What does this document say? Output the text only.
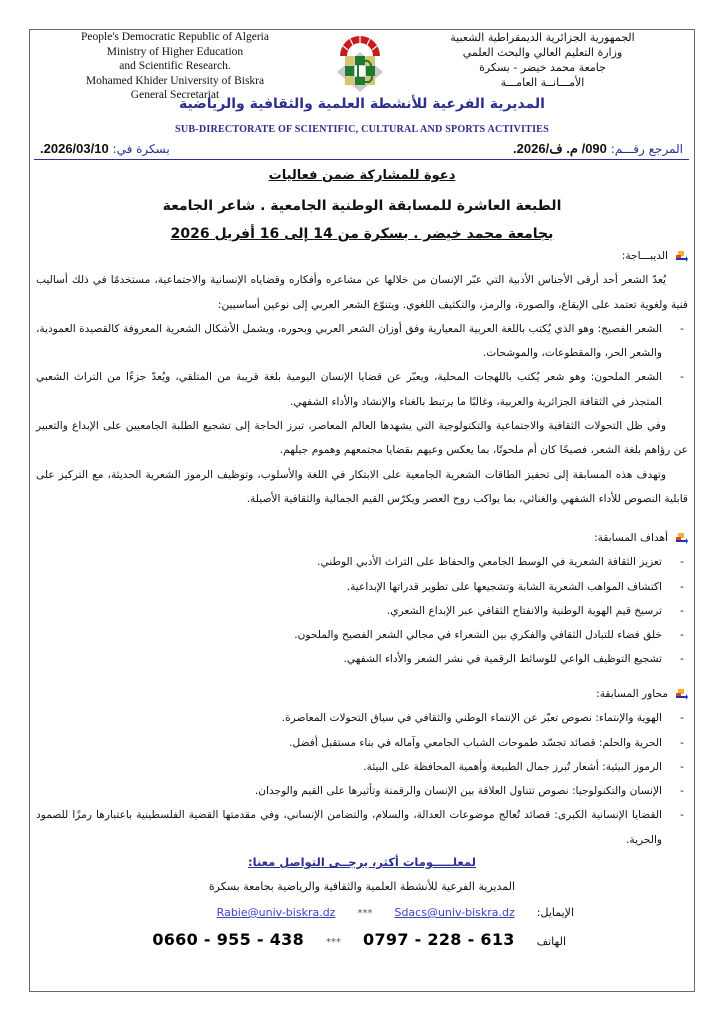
People's Democratic Republic of Algeria
Ministry of Higher Education
and Scientific Research.
Mohamed Khider University of Biskra
General Secretariat
الجمهورية الجزائرية الديمقراطية الشعبية
وزارة التعليم العالي والبحث العلمي
جامعة محمد خيضر - بسكرة
الأمـــانــة العامـــة
المديرية الفرعية للأنشطة العلمية والثقافية والرياضية
SUB-DIRECTORATE OF SCIENTIFIC, CULTURAL AND SPORTS ACTIVITIES
المرجع رقـــم: 090/ م. ف/2026.
بسكرة في: 2026/03/10.
دعوة للمشاركة ضمن فعاليات
الطبعة العاشرة للمسابقة الوطنية الجامعية . شاعر الجامعة
بجامعة محمد خيضر . بسكرة من 14 إلى 16 أفريل 2026
الديبـــاجة:

يُعدّ الشعر أحد أرقى الأجناس الأدبية التي عبّر الإنسان من خلالها عن مشاعره وأفكاره وقضاياه الإنسانية والاجتماعية، مستخدمًا في ذلك أساليب فنية ولغوية تعتمد على الإيقاع، والصورة، والرمز، والتكثيف اللغوي. ويتنوّع الشعر العربي إلى نوعين أساسيين:

- الشعر الفصيح: وهو الذي يُكتب باللغة العربية المعيارية وفق أوزان الشعر العربي وبحوره، ويشمل الأشكال الشعرية المعروفة كالقصيدة العمودية، والشعر الحر، والمقطوعات، والموشحات.

- الشعر الملحون: وهو شعر يُكتب باللهجات المحلية، ويعبّر عن قضايا الإنسان اليومية بلغة قريبة من المتلقي، ويُعدّ جزءًا من التراث الشعبي المتجذر في الثقافة الجزائرية والعربية، وغالبًا ما يرتبط بالغناء والإنشاد والأداء الشفهي.

وفي ظل التحولات الثقافية والاجتماعية والتكنولوجية التي يشهدها العالم المعاصر، تبرز الحاجة إلى تشجيع الطلبة الجامعيين على الإبداع والتعبير عن رؤاهم بلغة الشعر، فصيحًا كان أم ملحونًا، بما يعكس وعيهم بقضايا مجتمعهم وهموم جيلهم.

وتهدف هذه المسابقة إلى تحفيز الطاقات الشعرية الجامعية على الابتكار في اللغة والأسلوب، وتوظيف الرموز الشعرية الحديثة، مع التركيز على قابلية النصوص للأداء الشفهي والغنائي، بما يواكب روح العصر ويكرّس القيم الجمالية والثقافية الأصيلة.

أهداف المسابقة:

- تعزيز الثقافة الشعرية في الوسط الجامعي والحفاظ على التراث الأدبي الوطني.

- اكتشاف المواهب الشعرية الشابة وتشجيعها على تطوير قدراتها الإبداعية.

- ترسيخ قيم الهوية الوطنية والانفتاح الثقافي عبر الإبداع الشعري.

- خلق فضاء للتبادل الثقافي والفكري بين الشعراء في مجالي الشعر الفصيح والملحون.

- تشجيع التوظيف الواعي للوسائط الرقمية في نشر الشعر والأداء الشفهي.

محاور المسابقة:

- الهوية والإنتماء: نصوص تعبّر عن الإنتماء الوطني والثقافي في سياق التحولات المعاصرة.

- الحرية والحلم: قصائد تجسّد طموحات الشباب الجامعي وآماله في بناء مستقبل أفضل.

- الرموز البيئية: أشعار تُبرز جمال الطبيعة وأهمية المحافظة على البيئة.

- الإنسان والتكنولوجيا: نصوص تتناول العلاقة بين الإنسان والرقمنة وتأثيرها على القيم والوجدان.

- القضايا الإنسانية الكبرى: قصائد تُعالج موضوعات العدالة، والسلام، والتضامن الإنساني، وفي مقدمتها القضية الفلسطينية باعتبارها رمزًا للصمود والحرية.

لمعلـــــومات أكثر، يرجــى التواصل معنا:
المديرية الفرعية للأنشطة العلمية والثقافية والرياضية بجامعة بسكرة
الإيمايل:
Sdacs@univ-biskra.dz
***
Rabie@univ-biskra.dz
الهاتف
0797 - 228 - 613
***
0660 - 955 - 438
